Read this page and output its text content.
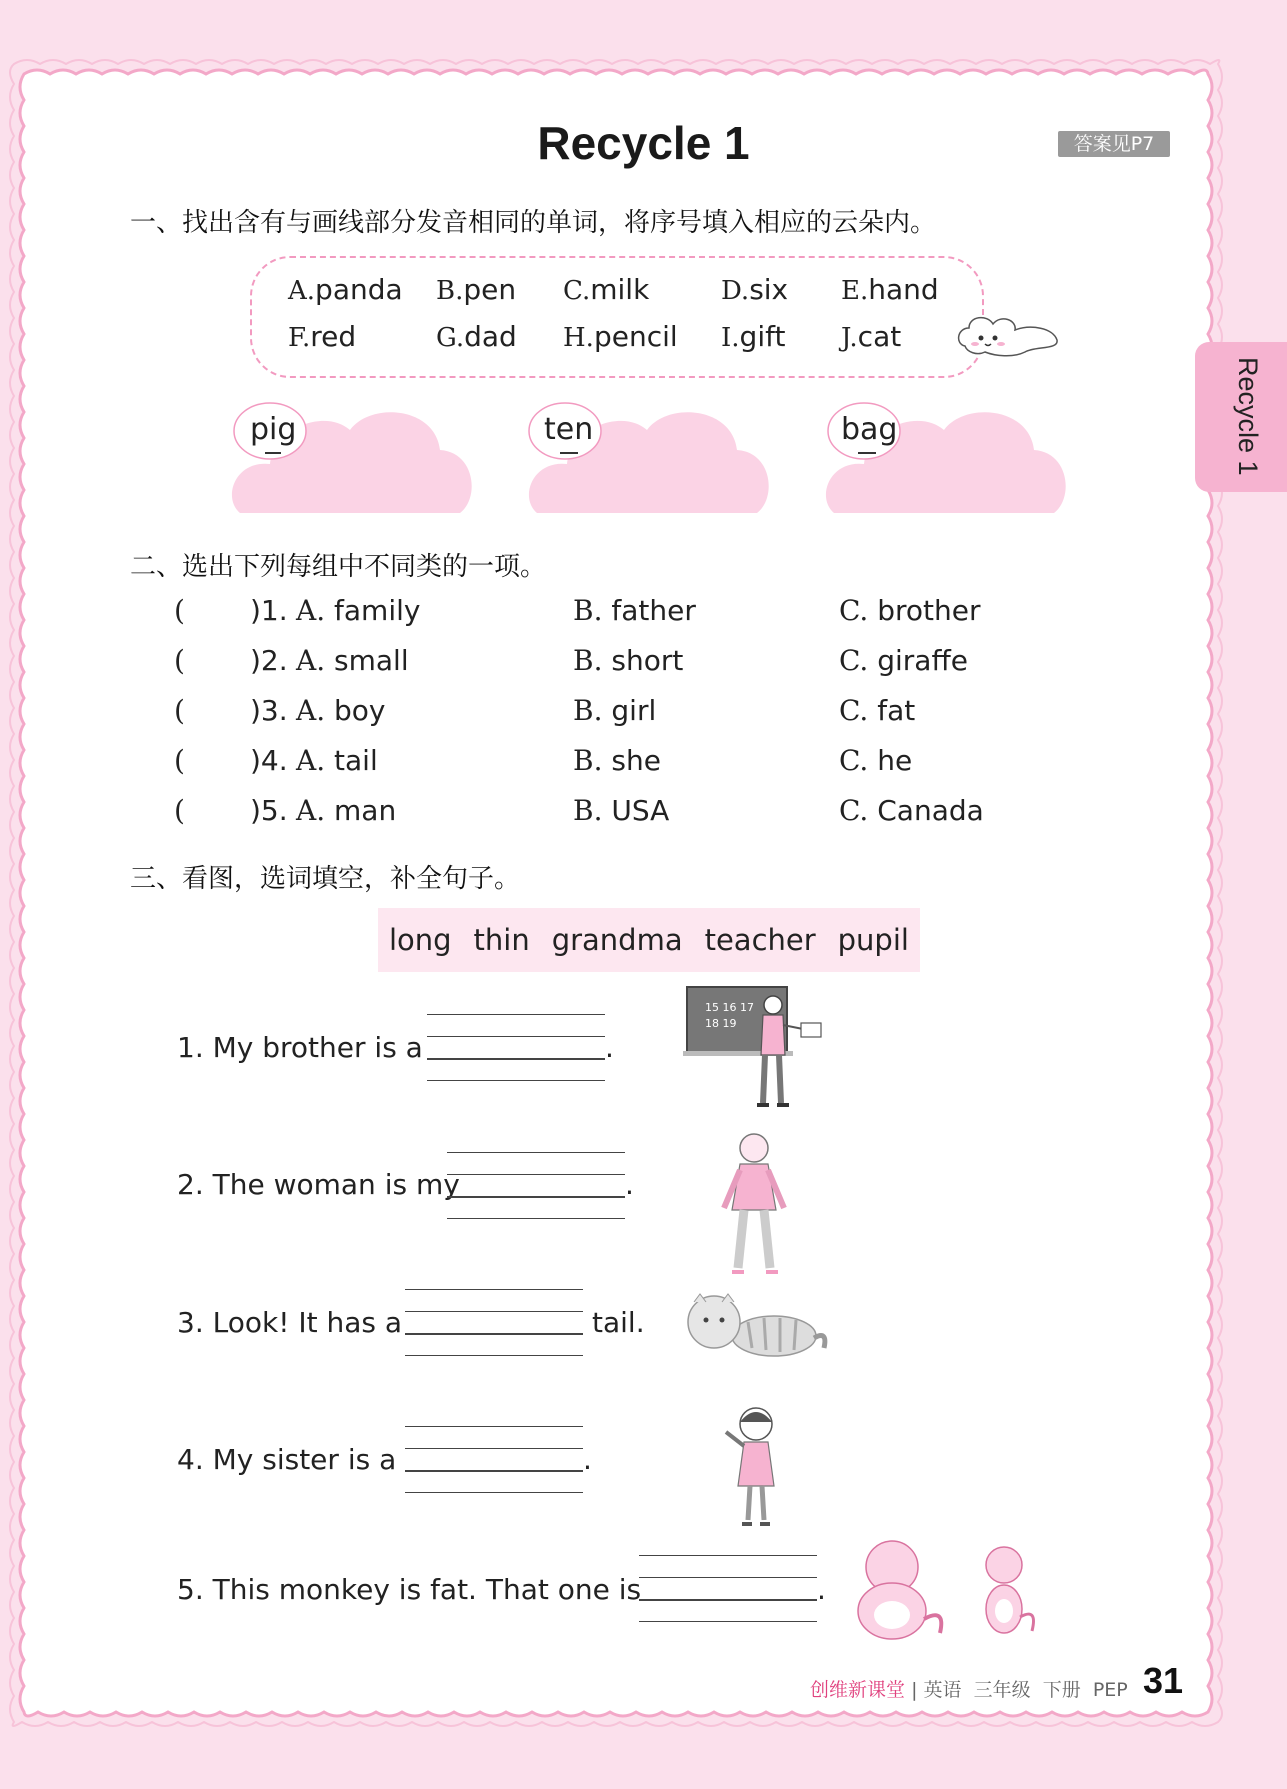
Recycle 1	答案见P7
Recycle 1
一、找出含有与画线部分发音相同的单词，将序号填入相应的云朵内。
A.panda B.pen C.milk	D.six E.hand
F.red	G.dad H.pencil I.gift J.cat
pig	ten	bag
二、选出下列每组中不同类的一项。
( )1. A. family	B. father	C. brother
( )2. A. small	B. short	C. giraffe
( )3. A. boy	B. girl	C. fat
( )4. A. tail	B. she	C. he
( )5. A. man	B. USA	C. Canada
三、看图，选词填空，补全句子。
long thin grandma teacher pupil
1. My brother is a	.
15 16 17
18 19
2. The woman is my	.
3. Look! It has a	tail.
4. My sister is a	.
5. This monkey is fat. That one is	.
创维新课堂 | 英语 三年级 下册 PEP 31
